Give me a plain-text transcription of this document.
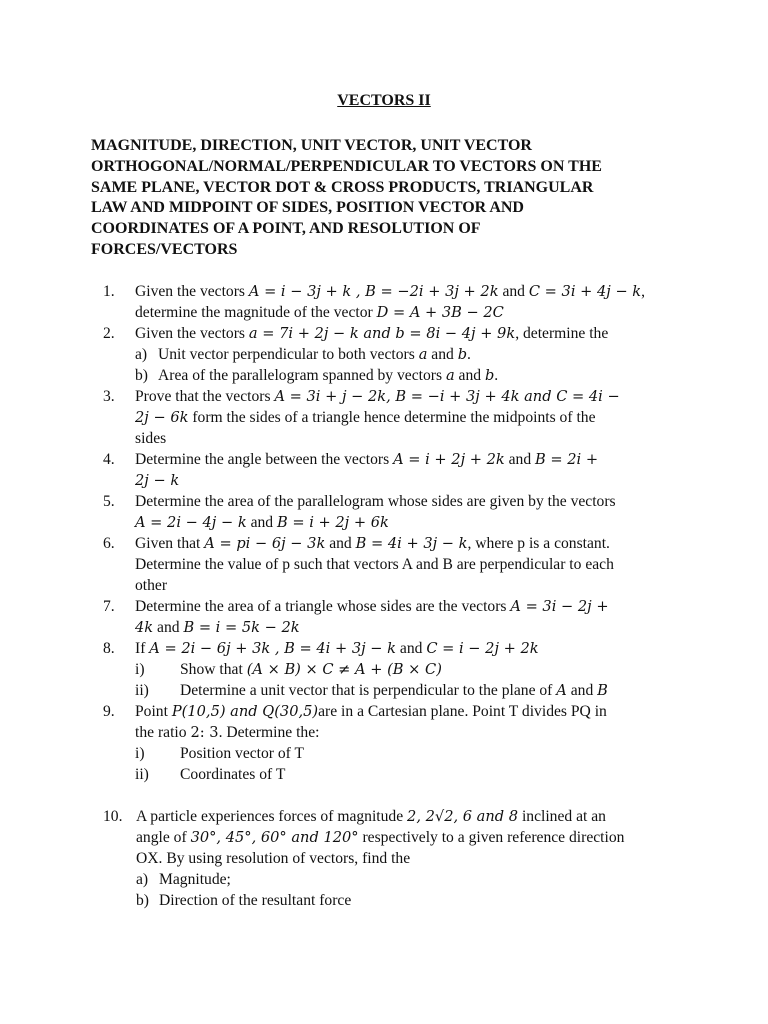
VECTORS II
MAGNITUDE, DIRECTION, UNIT VECTOR, UNIT VECTOR
ORTHOGONAL/NORMAL/PERPENDICULAR TO VECTORS ON THE
SAME PLANE, VECTOR DOT & CROSS PRODUCTS, TRIANGULAR
LAW AND MIDPOINT OF SIDES, POSITION VECTOR AND
COORDINATES OF A POINT, AND RESOLUTION OF
FORCES/VECTORS
1.	Given the vectors A = i − 3j + k , B = −2i + 3j + 2k and C = 3i + 4j − k,
determine the magnitude of the vector D = A + 3B − 2C
2.	Given the vectors a = 7i + 2j − k and b = 8i − 4j + 9k, determine the
a) Unit vector perpendicular to both vectors a and b.
b) Area of the parallelogram spanned by vectors a and b.
3.	Prove that the vectors A = 3i + j − 2k, B = −i + 3j + 4k and C = 4i −
2j − 6k form the sides of a triangle hence determine the midpoints of the
sides
4.	Determine the angle between the vectors A = i + 2j + 2k and B = 2i +
2j − k
5.	Determine the area of the parallelogram whose sides are given by the vectors
A = 2i − 4j − k and B = i + 2j + 6k
6.	Given that A = pi − 6j − 3k and B = 4i + 3j − k, where p is a constant.
Determine the value of p such that vectors A and B are perpendicular to each
other
7.	Determine the area of a triangle whose sides are the vectors A = 3i − 2j +
4k and B = i = 5k − 2k
8.	If A = 2i − 6j + 3k , B = 4i + 3j − k and C = i − 2j + 2k
i)	Show that (A × B) × C ≠ A + (B × C)
ii)	Determine a unit vector that is perpendicular to the plane of A and B
9.	Point P(10,5) and Q(30,5)are in a Cartesian plane. Point T divides PQ in
the ratio 2: 3. Determine the:
i)	Position vector of T
ii)	Coordinates of T
10. A particle experiences forces of magnitude 2, 2√2, 6 and 8 inclined at an
angle of 30°, 45°, 60° and 120° respectively to a given reference direction
OX. By using resolution of vectors, find the
a) Magnitude;
b) Direction of the resultant force
